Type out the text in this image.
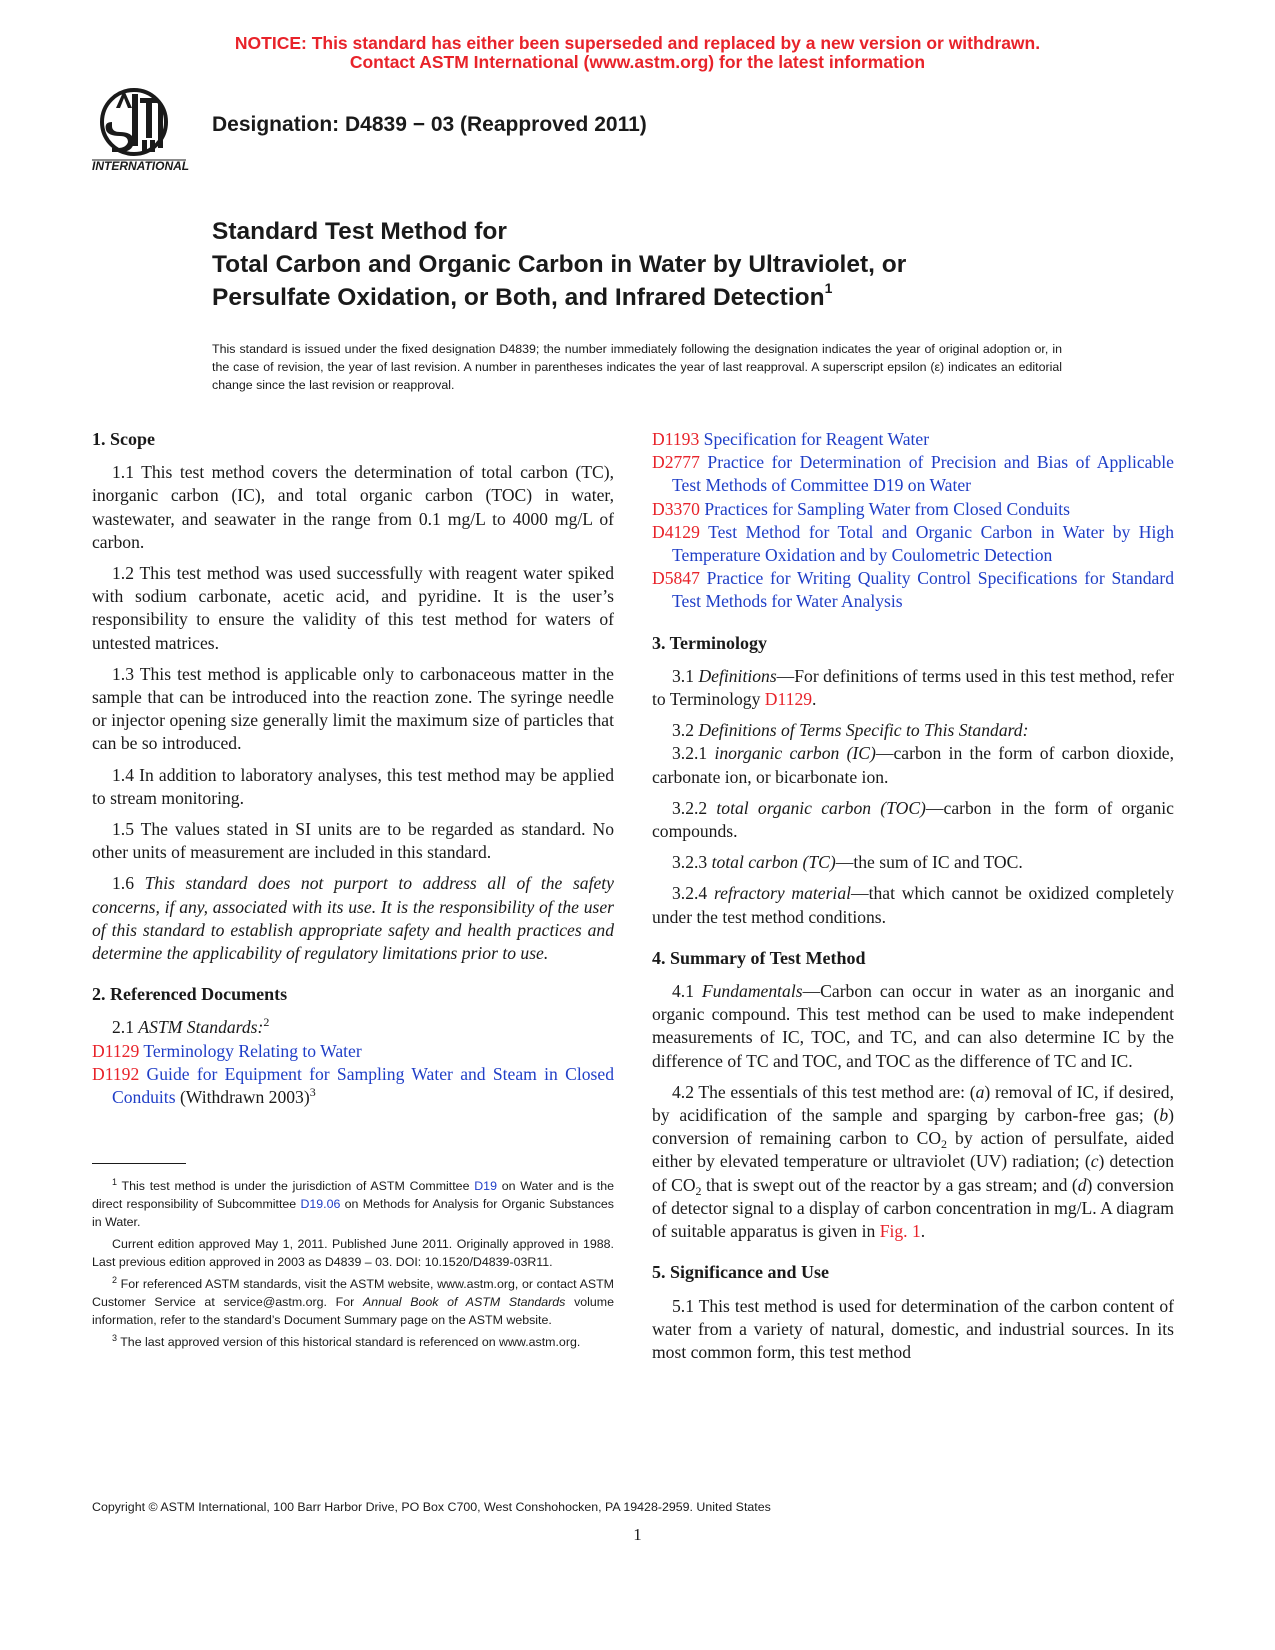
NOTICE: This standard has either been superseded and replaced by a new version or withdrawn.
Contact ASTM International (www.astm.org) for the latest information
INTERNATIONAL
Designation: D4839 − 03 (Reapproved 2011)
Standard Test Method for
Total Carbon and Organic Carbon in Water by Ultraviolet, or
Persulfate Oxidation, or Both, and Infrared Detection$^1$
This standard is issued under the fixed designation D4839; the number immediately following the designation indicates the year of original adoption or, in the case of revision, the year of last revision. A number in parentheses indicates the year of last reapproval. A superscript epsilon (ε) indicates an editorial change since the last revision or reapproval.
1. Scope

1.1 This test method covers the determination of total carbon (TC), inorganic carbon (IC), and total organic carbon (TOC) in water, wastewater, and seawater in the range from 0.1 mg/L to 4000 mg/L of carbon.

1.2 This test method was used successfully with reagent water spiked with sodium carbonate, acetic acid, and pyridine. It is the user’s responsibility to ensure the validity of this test method for waters of untested matrices.

1.3 This test method is applicable only to carbonaceous matter in the sample that can be introduced into the reaction zone. The syringe needle or injector opening size generally limit the maximum size of particles that can be so introduced.

1.4 In addition to laboratory analyses, this test method may be applied to stream monitoring.

1.5 The values stated in SI units are to be regarded as standard. No other units of measurement are included in this standard.

1.6 This standard does not purport to address all of the safety concerns, if any, associated with its use. It is the responsibility of the user of this standard to establish appropriate safety and health practices and determine the applicability of regulatory limitations prior to use.

2. Referenced Documents

2.1 ASTM Standards:$^2$

D1129 Terminology Relating to Water
D1192 Guide for Equipment for Sampling Water and Steam in Closed Conduits (Withdrawn 2003)$^3$

$^1$ This test method is under the jurisdiction of ASTM Committee D19 on Water and is the direct responsibility of Subcommittee D19.06 on Methods for Analysis for Organic Substances in Water.

Current edition approved May 1, 2011. Published June 2011. Originally approved in 1988. Last previous edition approved in 2003 as D4839 – 03. DOI: 10.1520/D4839-03R11.

$^2$ For referenced ASTM standards, visit the ASTM website, www.astm.org, or contact ASTM Customer Service at service@astm.org. For Annual Book of ASTM Standards volume information, refer to the standard’s Document Summary page on the ASTM website.

$^3$ The last approved version of this historical standard is referenced on www.astm.org.

D1193 Specification for Reagent Water
D2777 Practice for Determination of Precision and Bias of Applicable Test Methods of Committee D19 on Water
D3370 Practices for Sampling Water from Closed Conduits
D4129 Test Method for Total and Organic Carbon in Water by High Temperature Oxidation and by Coulometric Detection
D5847 Practice for Writing Quality Control Specifications for Standard Test Methods for Water Analysis
3. Terminology

3.1 Definitions—For definitions of terms used in this test method, refer to Terminology D1129.

3.2 Definitions of Terms Specific to This Standard:

3.2.1 inorganic carbon (IC)—carbon in the form of carbon dioxide, carbonate ion, or bicarbonate ion.

3.2.2 total organic carbon (TOC)—carbon in the form of organic compounds.

3.2.3 total carbon (TC)—the sum of IC and TOC.

3.2.4 refractory material—that which cannot be oxidized completely under the test method conditions.

4. Summary of Test Method

4.1 Fundamentals—Carbon can occur in water as an inorganic and organic compound. This test method can be used to make independent measurements of IC, TOC, and TC, and can also determine IC by the difference of TC and TOC, and TOC as the difference of TC and IC.

4.2 The essentials of this test method are: (a) removal of IC, if desired, by acidification of the sample and sparging by carbon-free gas; (b) conversion of remaining carbon to $CO_2$ by action of persulfate, aided either by elevated temperature or ultraviolet (UV) radiation; (c) detection of $CO_2$ that is swept out of the reactor by a gas stream; and (d) conversion of detector signal to a display of carbon concentration in mg/L. A diagram of suitable apparatus is given in Fig. 1.

5. Significance and Use

5.1 This test method is used for determination of the carbon content of water from a variety of natural, domestic, and industrial sources. In its most common form, this test method

Copyright © ASTM International, 100 Barr Harbor Drive, PO Box C700, West Conshohocken, PA 19428-2959. United States
1
